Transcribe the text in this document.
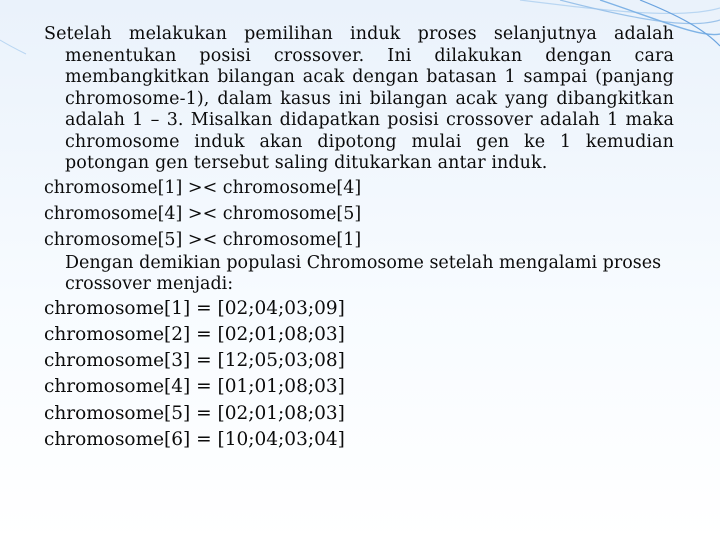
Setelah melakukan pemilihan induk proses selanjutnya adalah menentukan posisi crossover. Ini dilakukan dengan cara membangkitkan bilangan acak dengan batasan 1 sampai (panjang chromosome-1), dalam kasus ini bilangan acak yang dibangkitkan adalah 1 – 3. Misalkan didapatkan posisi crossover adalah 1 maka chromosome induk akan dipotong mulai gen ke 1 kemudian potongan gen tersebut saling ditukarkan antar induk.

chromosome[1] >< chromosome[4]
chromosome[4] >< chromosome[5]
chromosome[5] >< chromosome[1]

Dengan demikian populasi Chromosome setelah mengalami proses crossover menjadi:

chromosome[1] = [02;04;03;09]
chromosome[2] = [02;01;08;03]
chromosome[3] = [12;05;03;08]
chromosome[4] = [01;01;08;03]
chromosome[5] = [02;01;08;03]
chromosome[6] = [10;04;03;04]
